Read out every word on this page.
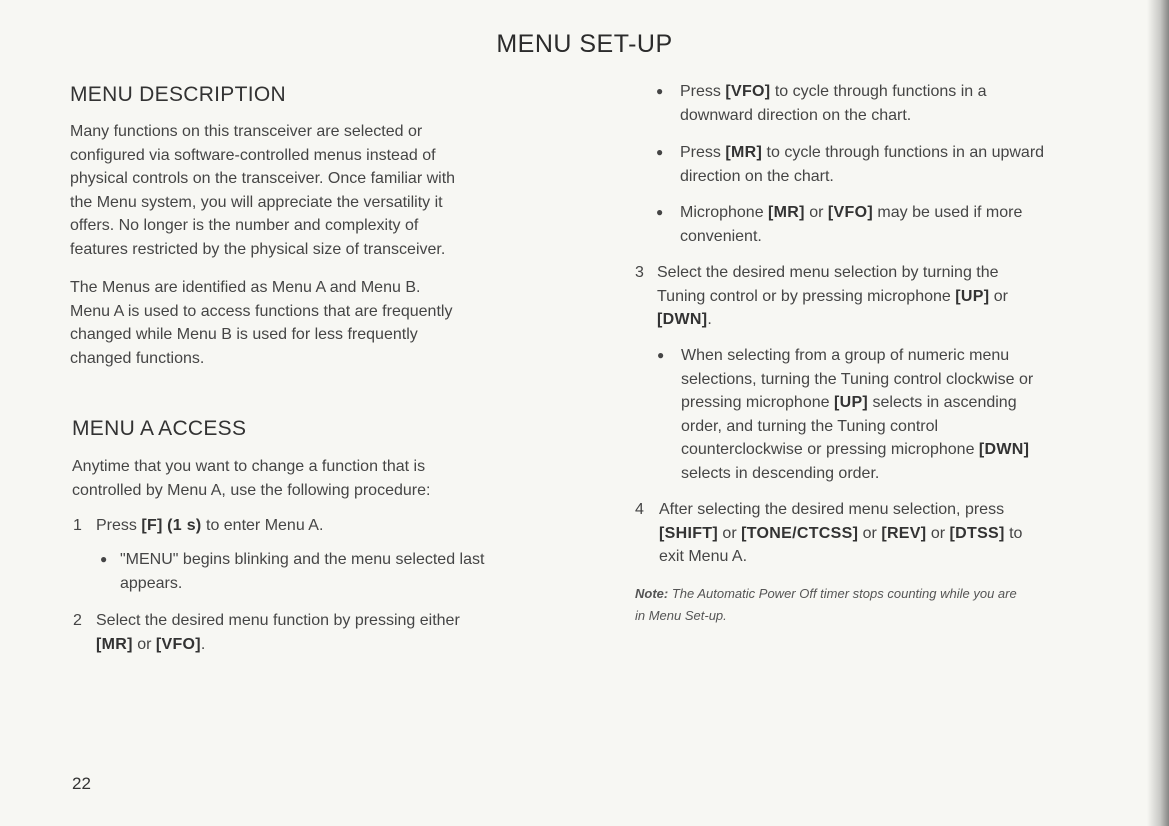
MENU SET-UP
MENU DESCRIPTION
Many functions on this transceiver are selected or
configured via software-controlled menus instead of
physical controls on the transceiver. Once familiar with
the Menu system, you will appreciate the versatility it
offers. No longer is the number and complexity of
features restricted by the physical size of transceiver.
The Menus are identified as Menu A and Menu B.
Menu A is used to access functions that are frequently
changed while Menu B is used for less frequently
changed functions.
MENU A ACCESS
Anytime that you want to change a function that is
controlled by Menu A, use the following procedure:
1 Press [F] (1 s) to enter Menu A.
● "MENU" begins blinking and the menu selected last
appears.
2 Select the desired menu function by pressing either
[MR] or [VFO].
● Press [VFO] to cycle through functions in a
downward direction on the chart.
● Press [MR] to cycle through functions in an upward
direction on the chart.
● Microphone [MR] or [VFO] may be used if more
convenient.
3 Select the desired menu selection by turning the
Tuning control or by pressing microphone [UP] or
[DWN].
● When selecting from a group of numeric menu
selections, turning the Tuning control clockwise or
pressing microphone [UP] selects in ascending
order, and turning the Tuning control
counterclockwise or pressing microphone [DWN]
selects in descending order.
4 After selecting the desired menu selection, press
[SHIFT] or [TONE/CTCSS] or [REV] or [DTSS] to
exit Menu A.
Note: The Automatic Power Off timer stops counting while you are
in Menu Set-up.
22
